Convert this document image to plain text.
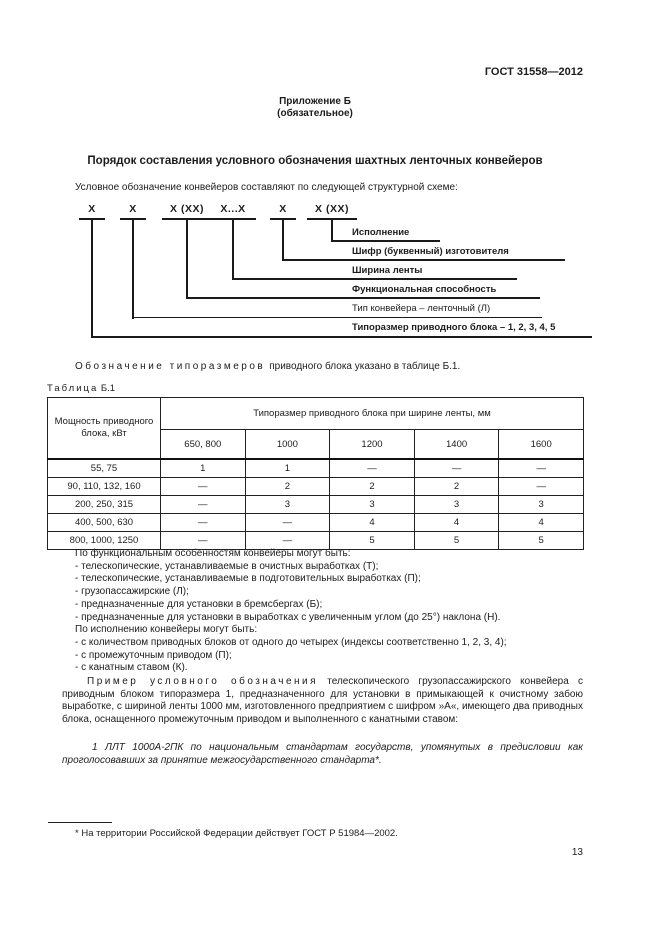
ГОСТ 31558—2012
Приложение Б
(обязательное)
Порядок составления условного обозначения шахтных ленточных конвейеров
Условное обозначение конвейеров составляют по следующей структурной схеме:
Х	Х	Х (ХХ)	Х...Х	Х	Х (ХХ)
Исполнение
Шифр (буквенный) изготовителя
Ширина ленты
Функциональная способность
Тип конвейера – ленточный (Л)
Типоразмер приводного блока – 1, 2, 3, 4, 5
Обозначение типоразмеров приводного блока указано в таблице Б.1.
Таблица Б.1
Мощность приводного блока, кВт	Типоразмер приводного блока при ширине ленты, мм				
	650, 800	1000	1200	1400	1600
55, 75	1	1	—	—	—
90, 110, 132, 160	—	2	2	2	—
200, 250, 315	—	3	3	3	3
400, 500, 630	—	—	4	4	4
800, 1000, 1250	—	—	5	5	5
По функциональным особенностям конвейеры могут быть:
- телескопические, устанавливаемые в очистных выработках (Т);
- телескопические, устанавливаемые в подготовительных выработках (П);
- грузопассажирские (Л);
- предназначенные для установки в бремсбергах (Б);
- предназначенные для установки в выработках с увеличенным углом (до 25°) наклона (Н).
По исполнению конвейеры могут быть:
- с количеством приводных блоков от одного до четырех (индексы соответственно 1, 2, 3, 4);
- с промежуточным приводом (П);
- с канатным ставом (К).
Пример условного обозначения телескопического грузопассажирского конвейера с приводным блоком типоразмера 1, предназначенного для установки в примыкающей к очистному забою выработке, с шириной ленты 1000 мм, изготовленного предприятием с шифром »А«, имеющего два приводных блока, оснащенного промежуточным приводом и выполненного с канатными ставом:
1 ЛЛТ 1000А-2ПК по национальным стандартам государств, упомянутых в предисловии как проголосовавших за принятие межгосударственного стандарта*.
* На территории Российской Федерации действует ГОСТ Р 51984—2002.
13
